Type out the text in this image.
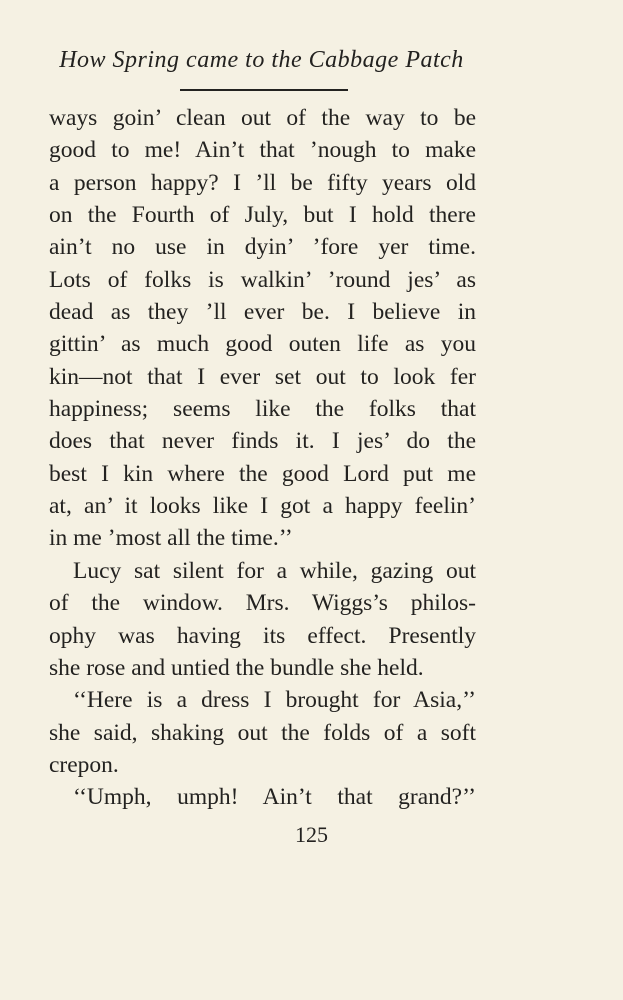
How Spring came to the Cabbage Patch
ways goin’ clean out of the way to be
good to me! Ain’t that ’nough to make
a person happy? I ’ll be fifty years old
on the Fourth of July, but I hold there
ain’t no use in dyin’ ’fore yer time.
Lots of folks is walkin’ ’round jes’ as
dead as they ’ll ever be. I believe in
gittin’ as much good outen life as you
kin—not that I ever set out to look fer
happiness; seems like the folks that
does that never finds it. I jes’ do the
best I kin where the good Lord put me
at, an’ it looks like I got a happy feelin’
in me ’most all the time.’’
Lucy sat silent for a while, gazing out
of the window. Mrs. Wiggs’s philos-
ophy was having its effect. Presently
she rose and untied the bundle she held.
‘‘Here is a dress I brought for Asia,’’
she said, shaking out the folds of a soft
crepon.
‘‘Umph, umph! Ain’t that grand?’’
125
